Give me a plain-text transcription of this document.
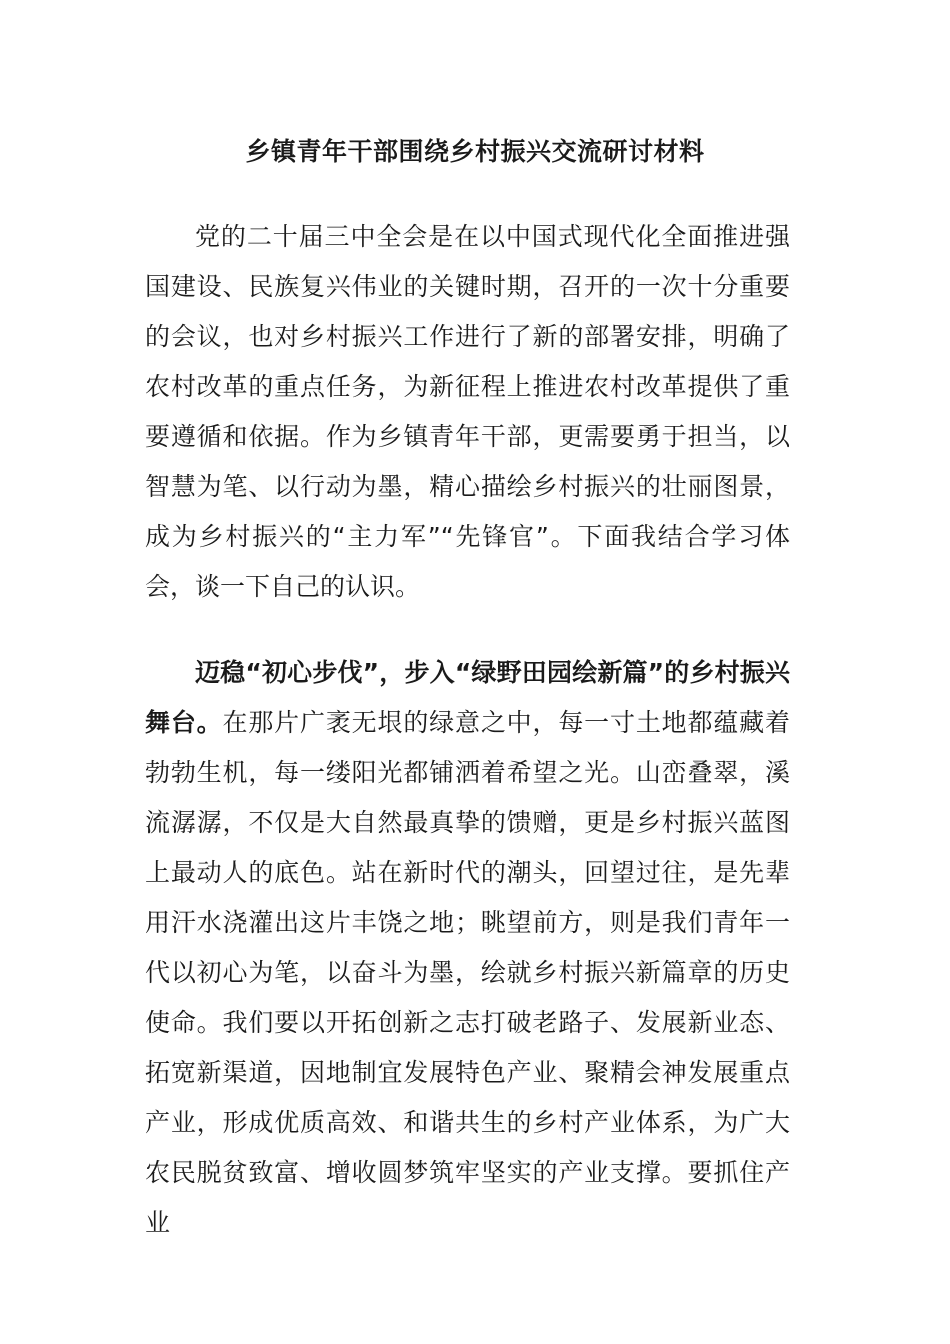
乡镇青年干部围绕乡村振兴交流研讨材料

党的二十届三中全会是在以中国式现代化全面推进强国建设、民族复兴伟业的关键时期，召开的一次十分重要的会议，也对乡村振兴工作进行了新的部署安排，明确了农村改革的重点任务，为新征程上推进农村改革提供了重要遵循和依据。作为乡镇青年干部，更需要勇于担当，以智慧为笔、以行动为墨，精心描绘乡村振兴的壮丽图景，成为乡村振兴的“主力军”“先锋官”。下面我结合学习体会，谈一下自己的认识。

迈稳“初心步伐”，步入“绿野田园绘新篇”的乡村振兴舞台。在那片广袤无垠的绿意之中，每一寸土地都蕴藏着勃勃生机，每一缕阳光都铺洒着希望之光。山峦叠翠，溪流潺潺，不仅是大自然最真挚的馈赠，更是乡村振兴蓝图上最动人的底色。站在新时代的潮头，回望过往，是先辈用汗水浇灌出这片丰饶之地；眺望前方，则是我们青年一代以初心为笔，以奋斗为墨，绘就乡村振兴新篇章的历史使命。我们要以开拓创新之志打破老路子、发展新业态、拓宽新渠道，因地制宜发展特色产业、聚精会神发展重点产业，形成优质高效、和谐共生的乡村产业体系，为广大农民脱贫致富、增收圆梦筑牢坚实的产业支撑。要抓住产业
